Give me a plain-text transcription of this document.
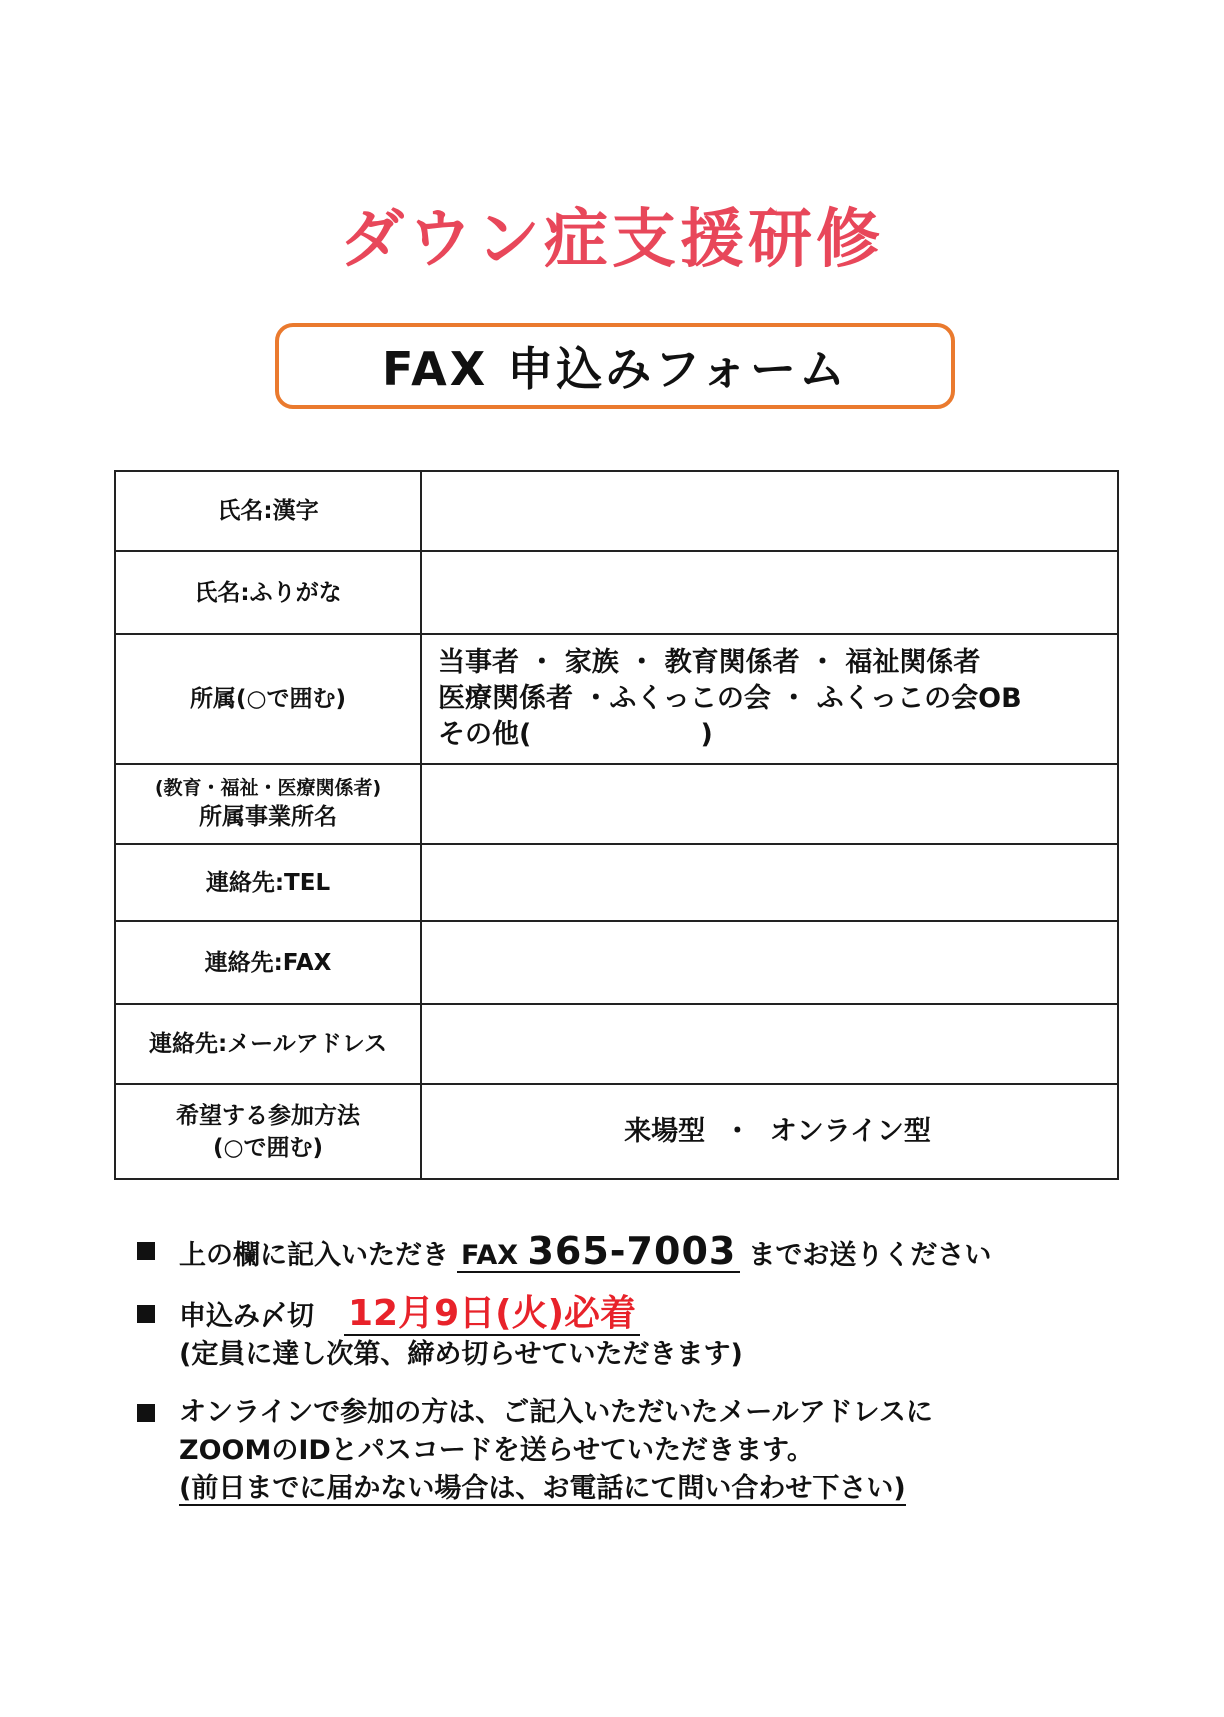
ダウン症支援研修
FAX 申込みフォーム
氏名:漢字	
氏名:ふりがな	
所属(○で囲む)	当事者 ・ 家族 ・ 教育関係者 ・ 福祉関係者
医療関係者 ・ふくっこの会 ・ ふくっこの会OB
その他(                  )

(教育・福祉・医療関係者)
所属事業所名	

連絡先:TEL	
連絡先:FAX	
連絡先:メールアドレス	

希望する参加方法
(○で囲む)	来場型  ・  オンライン型
上の欄に記入いただき FAX 365-7003 までお送りください
申込み〆切 12月9日(火)必着
(定員に達し次第、締め切らせていただきます)
オンラインで参加の方は、ご記入いただいたメールアドレスに
ZOOMのIDとパスコードを送らせていただきます。
(前日までに届かない場合は、お電話にて問い合わせ下さい)
